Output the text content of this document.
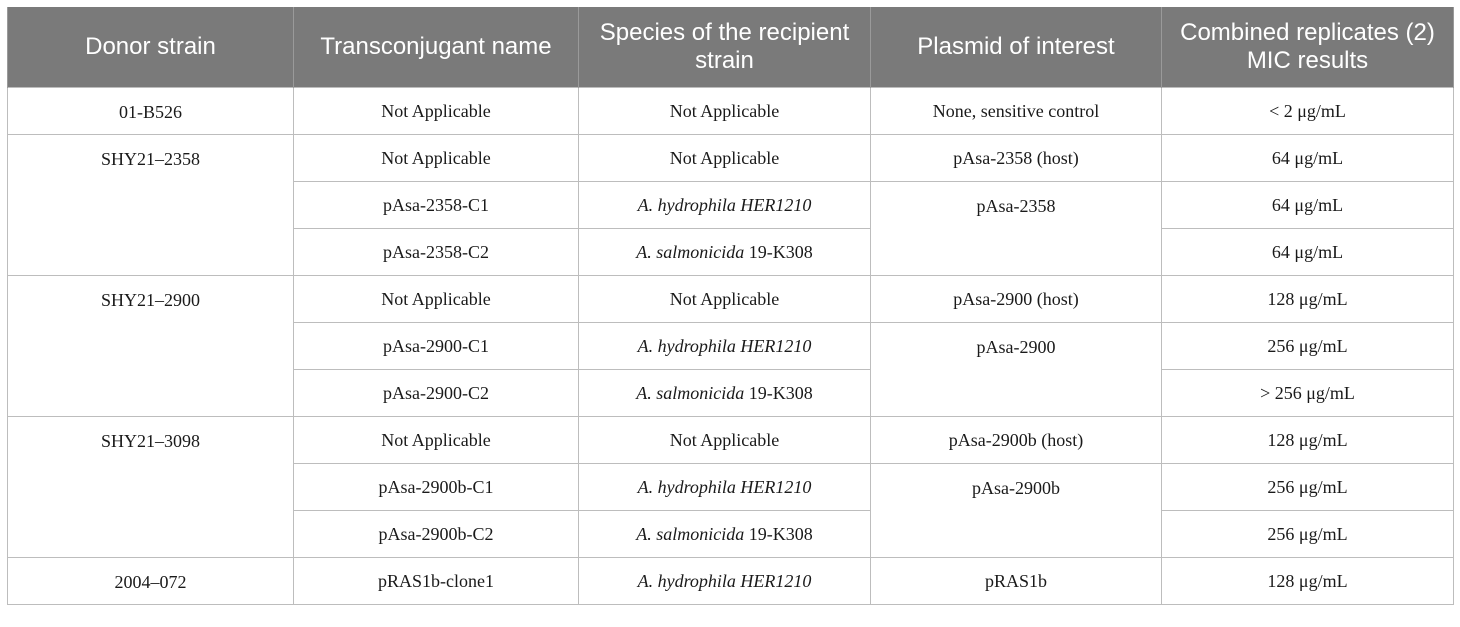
Donor strain	Transconjugant name	Species of the recipient strain	Plasmid of interest	Combined replicates (2) MIC results
01-B526	Not Applicable	Not Applicable	None, sensitive control	< 2 μg/mL
SHY21–2358	Not Applicable	Not Applicable	pAsa-2358 (host)	64 μg/mL
	pAsa-2358-C1	A. hydrophila HER1210	pAsa-2358	64 μg/mL
	pAsa-2358-C2	A. salmonicida 19-K308		64 μg/mL
SHY21–2900	Not Applicable	Not Applicable	pAsa-2900 (host)	128 μg/mL
	pAsa-2900-C1	A. hydrophila HER1210	pAsa-2900	256 μg/mL
	pAsa-2900-C2	A. salmonicida 19-K308		> 256 μg/mL
SHY21–3098	Not Applicable	Not Applicable	pAsa-2900b (host)	128 μg/mL
	pAsa-2900b-C1	A. hydrophila HER1210	pAsa-2900b	256 μg/mL
	pAsa-2900b-C2	A. salmonicida 19-K308		256 μg/mL
2004–072	pRAS1b-clone1	A. hydrophila HER1210	pRAS1b	128 μg/mL
